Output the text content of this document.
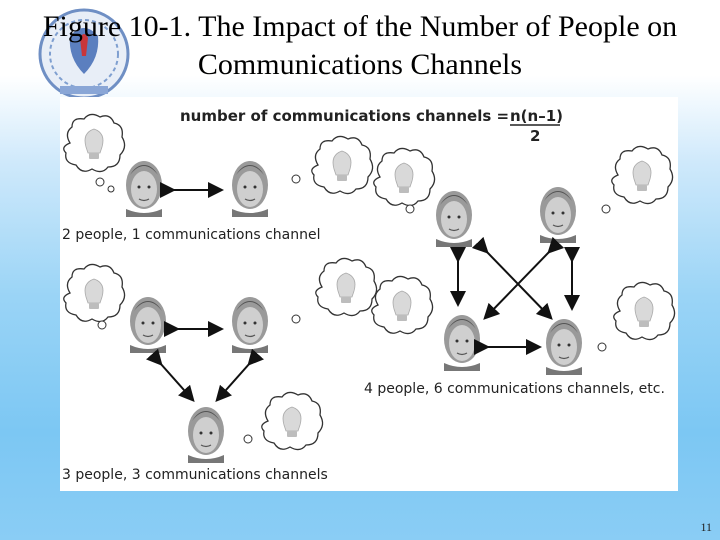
Figure 10-1. The Impact of the Number of People on
Communications Channels
number of communications channels = n(n–1)
2
2 people, 1 communications channel
3 people, 3 communications channels
4 people, 6 communications channels, etc.
11
